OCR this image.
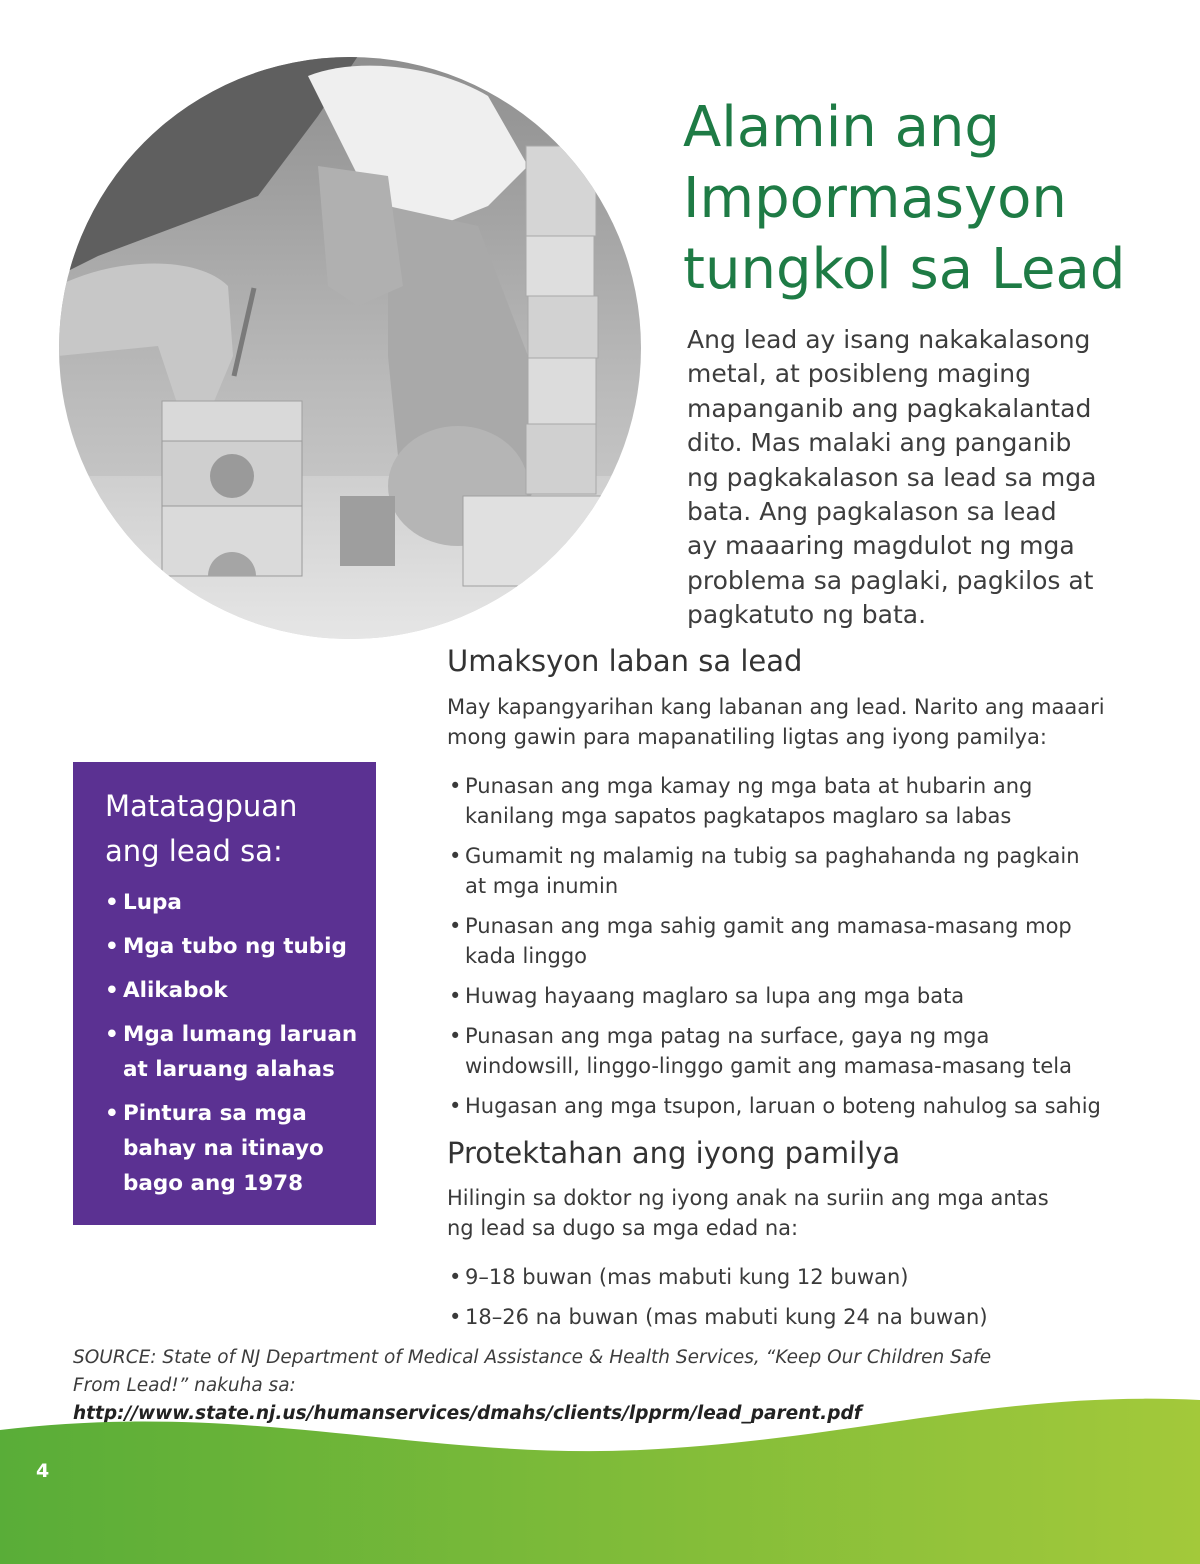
Alamin ang
Impormasyon
tungkol sa Lead

Ang lead ay isang nakakalasong
metal, at posibleng maging
mapanganib ang pagkakalantad
dito. Mas malaki ang panganib
ng pagkakalason sa lead sa mga
bata. Ang pagkalason sa lead
ay maaaring magdulot ng mga
problema sa paglaki, pagkilos at
pagkatuto ng bata.

Umaksyon laban sa lead

May kapangyarihan kang labanan ang lead. Narito ang maaari
mong gawin para mapanatiling ligtas ang iyong pamilya:

• Punasan ang mga kamay ng mga bata at hubarin ang
kanilang mga sapatos pagkatapos maglaro sa labas
• Gumamit ng malamig na tubig sa paghahanda ng pagkain
at mga inumin
• Punasan ang mga sahig gamit ang mamasa-masang mop
kada linggo
• Huwag hayaang maglaro sa lupa ang mga bata
• Punasan ang mga patag na surface, gaya ng mga
windowsill, linggo-linggo gamit ang mamasa-masang tela
• Hugasan ang mga tsupon, laruan o boteng nahulog sa sahig
Protektahan ang iyong pamilya

Hilingin sa doktor ng iyong anak na suriin ang mga antas
ng lead sa dugo sa mga edad na:

• 9–18 buwan (mas mabuti kung 12 buwan)
• 18–26 na buwan (mas mabuti kung 24 na buwan)
Matatagpuan
ang lead sa:
• Lupa
• Mga tubo ng tubig
• Alikabok
• Mga lumang laruan
at laruang alahas
• Pintura sa mga
bahay na itinayo
bago ang 1978

SOURCE: State of NJ Department of Medical Assistance & Health Services, “Keep Our Children Safe
From Lead!” nakuha sa:
http://www.state.nj.us/humanservices/dmahs/clients/lpprm/lead_parent.pdf

4
